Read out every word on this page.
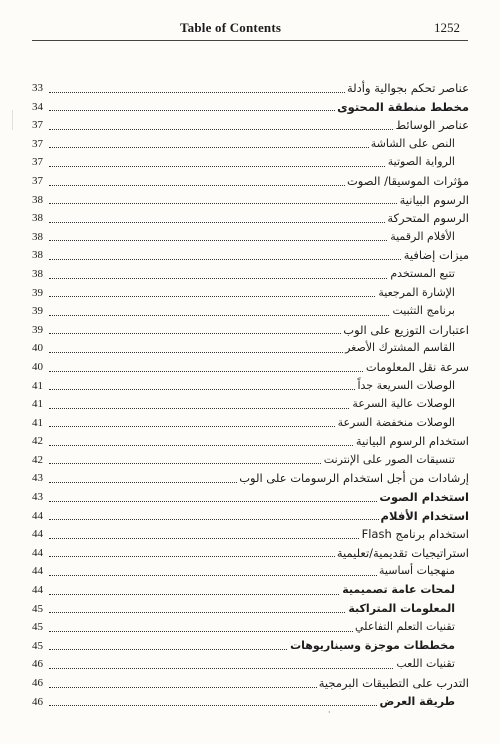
Table of Contents	1252
33	عناصر تحكم بجوالية وأدلة
34	مخطط منطقة المحتوى
37	عناصر الوسائط
37	النص على الشاشة
37	الرواية الصوتية
37	مؤثرات الموسيقا/ الصوت
38	الرسوم البيانية
38	الرسوم المتحركة
38	الأفلام الرقمية
38	ميزات إضافية
38	تتبع المستخدم
39	الإشارة المرجعية
39	برنامج التثبيت
39	اعتبارات التوزيع على الوب
40	القاسم المشترك الأصغر
40	سرعة نقل المعلومات
41	الوصلات السريعة جداً
41	الوصلات عالية السرعة
41	الوصلات منخفضة السرعة
42	استخدام الرسوم البيانية
42	تنسيقات الصور على الإنترنت
43	إرشادات من أجل استخدام الرسومات على الوب
43	استخدام الصوت
44	استخدام الأفلام
44	استخدام برنامج Flash
44	استراتيجيات تقديمية/تعليمية
44	منهجيات أساسية
44	لمحات عامة تصميمية
45	المعلومات المتراكبة
45	تقنيات التعلم التفاعلي
45	مخططات موجزة وسيناريوهات
46	تقنيات اللعب
46	التدرب على التطبيقات البرمجية
46	طريقة العرض
·
